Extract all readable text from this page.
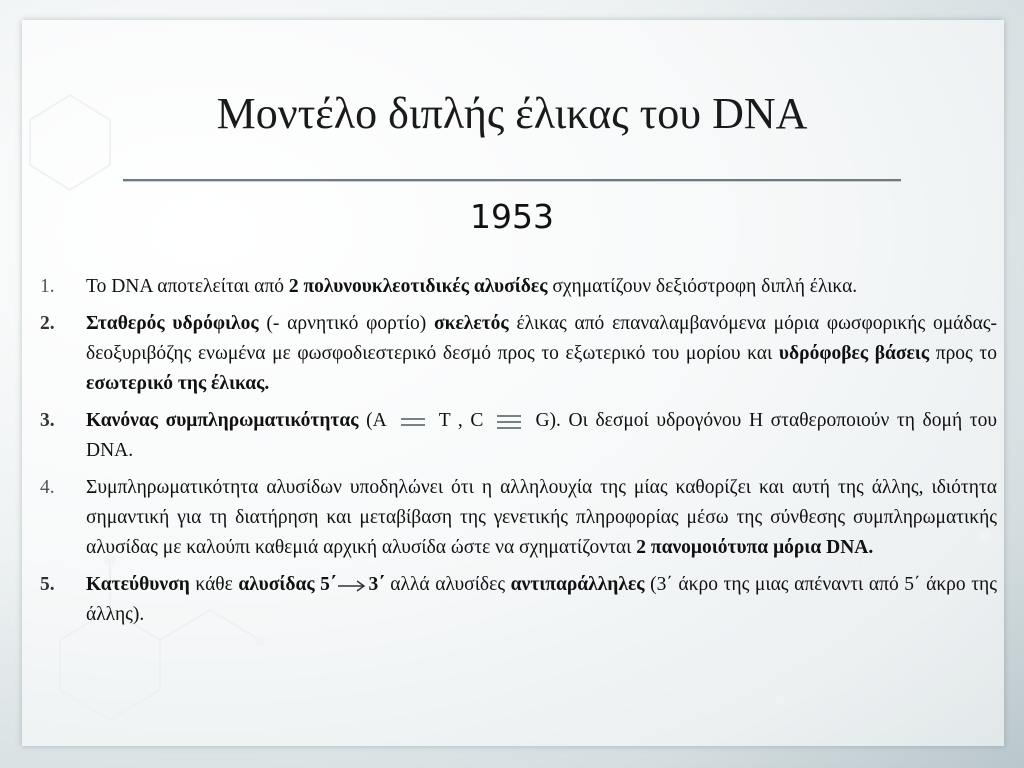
Μοντέλο διπλής έλικας του DNA
1953
1.	Το DNA αποτελείται από 2 πολυνουκλεοτιδικές αλυσίδες σχηματίζουν δεξιόστροφη διπλή έλικα.
2.	Σταθερός υδρόφιλος (- αρνητικό φορτίο) σκελετός έλικας από επαναλαμβανόμενα μόρια φωσφορικής ομάδας-δεοξυριβόζης ενωμένα με φωσφοδιεστερικό δεσμό προς το εξωτερικό του μορίου και υδρόφοβες βάσεις προς το εσωτερικό της έλικας.
3.	Κανόνας συμπληρωματικότητας (A	T , C	G). Οι δεσμοί υδρογόνου Η σταθεροποιούν τη δομή του DNA.
4.	Συμπληρωματικότητα αλυσίδων υποδηλώνει ότι η αλληλουχία της μίας καθορίζει και αυτή της άλλης, ιδιότητα σημαντική για τη διατήρηση και μεταβίβαση της γενετικής πληροφορίας μέσω της σύνθεσης συμπληρωματικής αλυσίδας με καλούπι καθεμιά αρχική αλυσίδα ώστε να σχηματίζονται 2 πανομοιότυπα μόρια DNA.
5.	Κατεύθυνση κάθε αλυσίδας 5΄ 3΄ αλλά αλυσίδες αντιπαράλληλες (3΄ άκρο της μιας απέναντι από 5΄ άκρο της άλλης).
